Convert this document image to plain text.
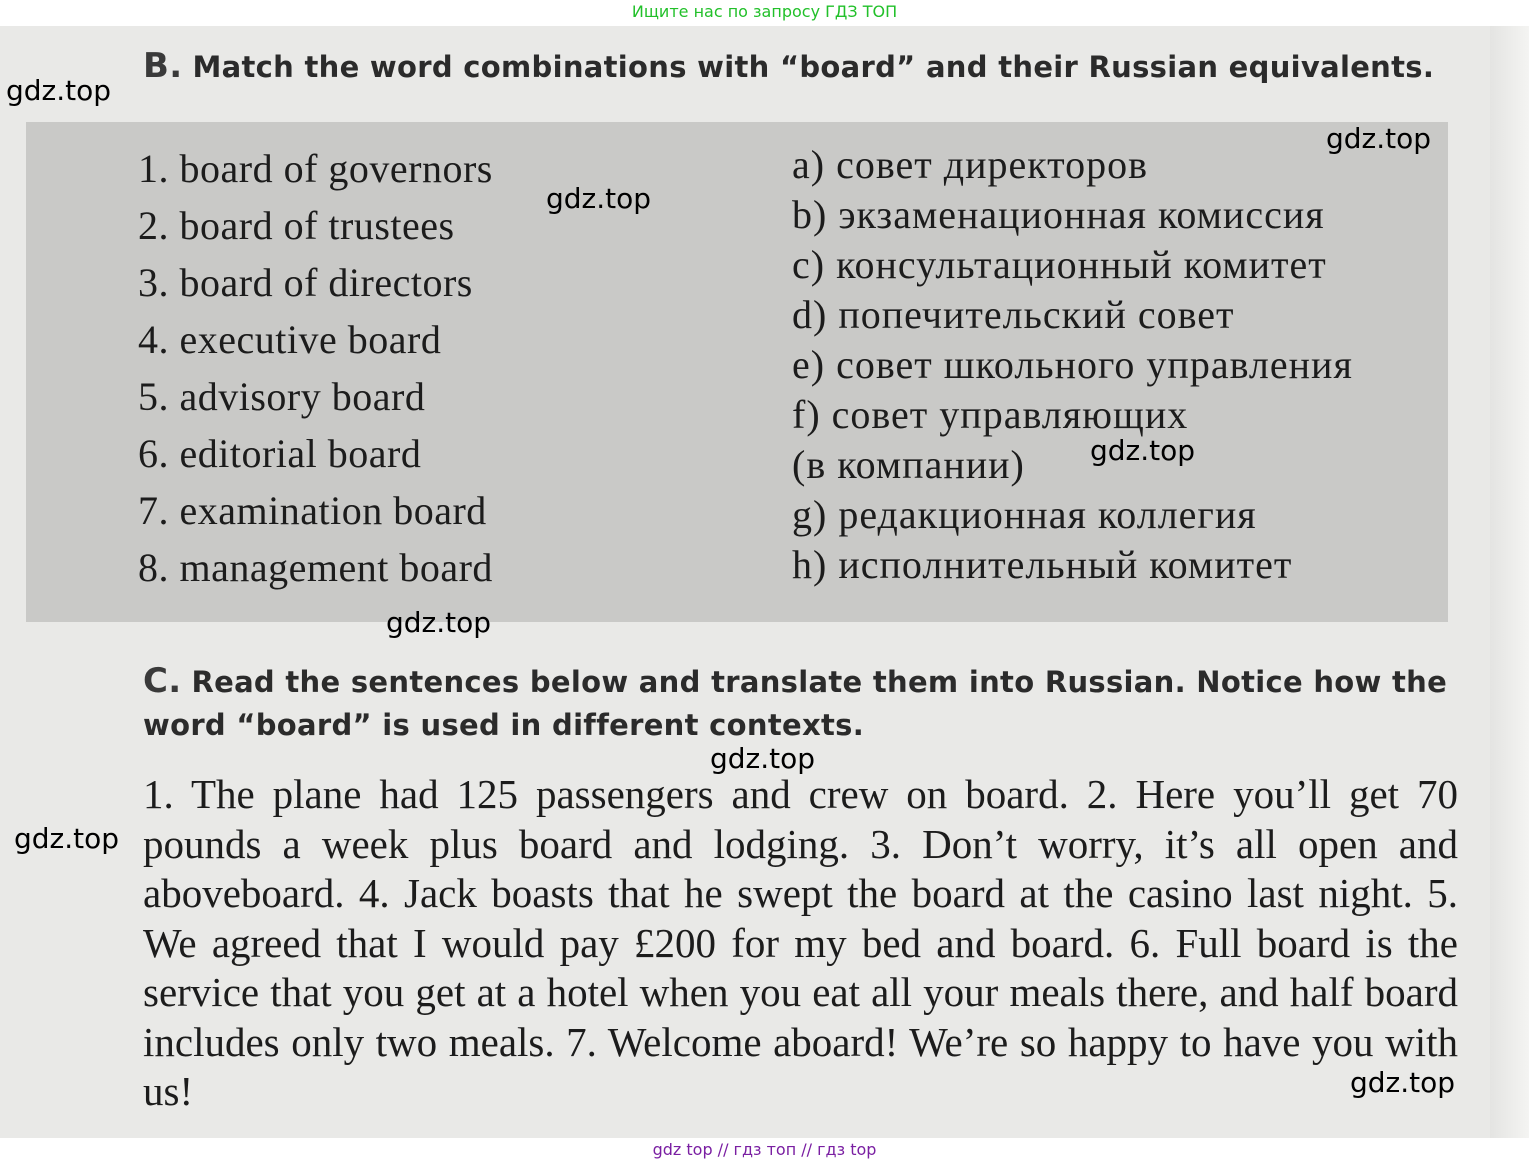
Ищите нас по запросу ГДЗ ТОП
B. Match the word combinations with “board” and their Russian equivalents.
1. board of governors
2. board of trustees
3. board of directors
4. executive board
5. advisory board
6. editorial board
7. examination board
8. management board
a) совет директоров
b) экзаменационная комиссия
c) консультационный комитет
d) попечительский совет
e) совет школьного управления
f) совет управляющих
(в компании)
g) редакционная коллегия
h) исполнительный комитет
C. Read the sentences below and translate them into Russian. Notice how the word “board” is used in different contexts.
1. The plane had 125 passengers and crew on board. 2. Here you’ll get 70 pounds a week plus board and lodging. 3. Don’t worry, it’s all open and aboveboard. 4. Jack boasts that he swept the board at the casino last night. 5. We agreed that I would pay £200 for my bed and board. 6. Full board is the service that you get at a hotel when you eat all your meals there, and half board includes only two meals. 7. Welcome aboard! We’re so happy to have you with us!
gdz.top
gdz.top
gdz.top
gdz.top
gdz.top
gdz.top
gdz.top
gdz.top
gdz top // гдз топ // гдз top
